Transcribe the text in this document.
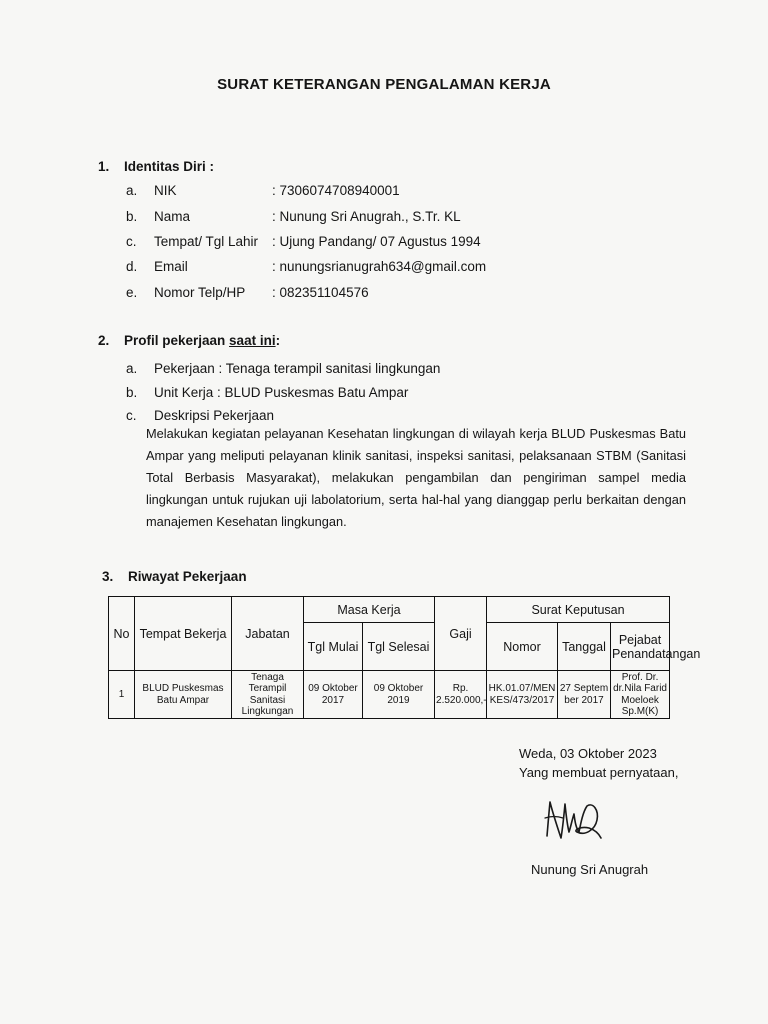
SURAT KETERANGAN PENGALAMAN KERJA
1. Identitas Diri :
a. NIK	: 7306074708940001
b. Nama	: Nunung Sri Anugrah., S.Tr. KL
c. Tempat/ Tgl Lahir : Ujung Pandang/ 07 Agustus 1994
d. Email	: nunungsrianugrah634@gmail.com
e. Nomor Telp/HP : 082351104576
2. Profil pekerjaan saat ini:
a. Pekerjaan : Tenaga terampil sanitasi lingkungan
b. Unit Kerja : BLUD Puskesmas Batu Ampar
c. Deskripsi Pekerjaan
Melakukan kegiatan pelayanan Kesehatan lingkungan di wilayah kerja BLUD Puskesmas Batu Ampar yang meliputi pelayanan klinik sanitasi, inspeksi sanitasi, pelaksanaan STBM (Sanitasi Total Berbasis Masyarakat), melakukan pengambilan dan pengiriman sampel media lingkungan untuk rujukan uji labolatorium, serta hal-hal yang dianggap perlu berkaitan dengan manajemen Kesehatan lingkungan.
3. Riwayat Pekerjaan
No	Tempat Bekerja	Jabatan	Masa Kerja		Gaji	Surat Keputusan		
			Tgl Mulai	Tgl Selesai		Nomor	Tanggal	Pejabat Penandatangan

1	BLUD Puskesmas Batu Ampar	Tenaga Terampil Sanitasi Lingkungan	09 Oktober 2017	09 Oktober 2019	Rp. 2.520.000,-	HK.01.07/MENKES/473/2017	27 September 2017	Prof. Dr. dr.Nila Farid Moeloek Sp.M(K)
Weda, 03 Oktober 2023
Yang membuat pernyataan,
Nunung Sri Anugrah
